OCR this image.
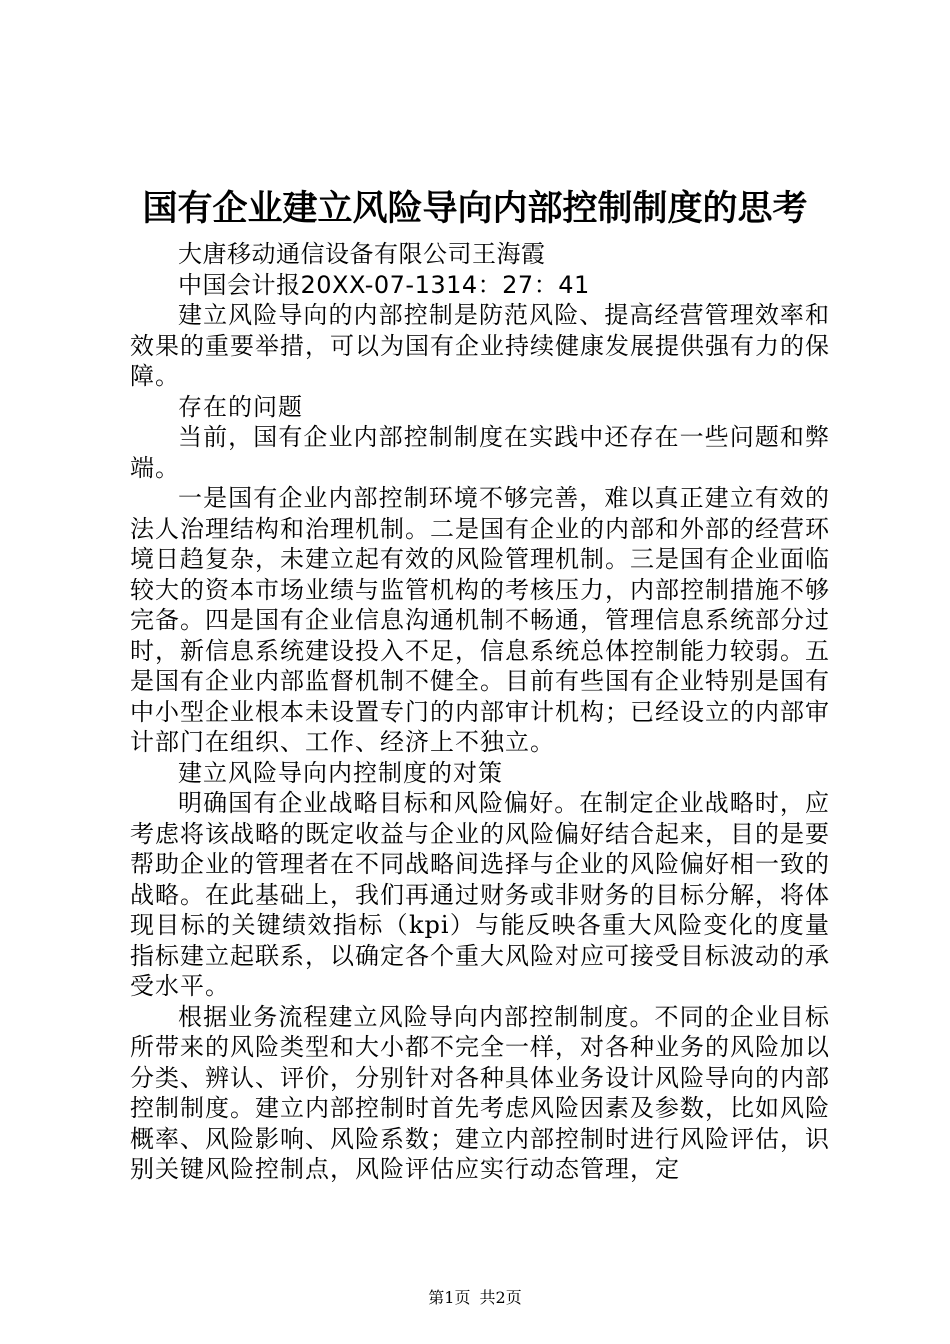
国有企业建立风险导向内部控制制度的思考

大唐移动通信设备有限公司王海霞

中国会计报20XX-07-1314：27：41

建立风险导向的内部控制是防范风险、提高经营管理效率和效果的重要举措，可以为国有企业持续健康发展提供强有力的保障。

存在的问题

当前，国有企业内部控制制度在实践中还存在一些问题和弊端。

一是国有企业内部控制环境不够完善，难以真正建立有效的法人治理结构和治理机制。二是国有企业的内部和外部的经营环境日趋复杂，未建立起有效的风险管理机制。三是国有企业面临较大的资本市场业绩与监管机构的考核压力，内部控制措施不够完备。四是国有企业信息沟通机制不畅通，管理信息系统部分过时，新信息系统建设投入不足，信息系统总体控制能力较弱。五是国有企业内部监督机制不健全。目前有些国有企业特别是国有中小型企业根本未设置专门的内部审计机构；已经设立的内部审计部门在组织、工作、经济上不独立。

建立风险导向内控制度的对策

明确国有企业战略目标和风险偏好。在制定企业战略时，应考虑将该战略的既定收益与企业的风险偏好结合起来，目的是要帮助企业的管理者在不同战略间选择与企业的风险偏好相一致的战略。在此基础上，我们再通过财务或非财务的目标分解，将体现目标的关键绩效指标（kpi）与能反映各重大风险变化的度量指标建立起联系，以确定各个重大风险对应可接受目标波动的承受水平。

根据业务流程建立风险导向内部控制制度。不同的企业目标所带来的风险类型和大小都不完全一样，对各种业务的风险加以分类、辨认、评价，分别针对各种具体业务设计风险导向的内部控制制度。建立内部控制时首先考虑风险因素及参数，比如风险概率、风险影响、风险系数；建立内部控制时进行风险评估，识别关键风险控制点，风险评估应实行动态管理，定

第1页 共2页
